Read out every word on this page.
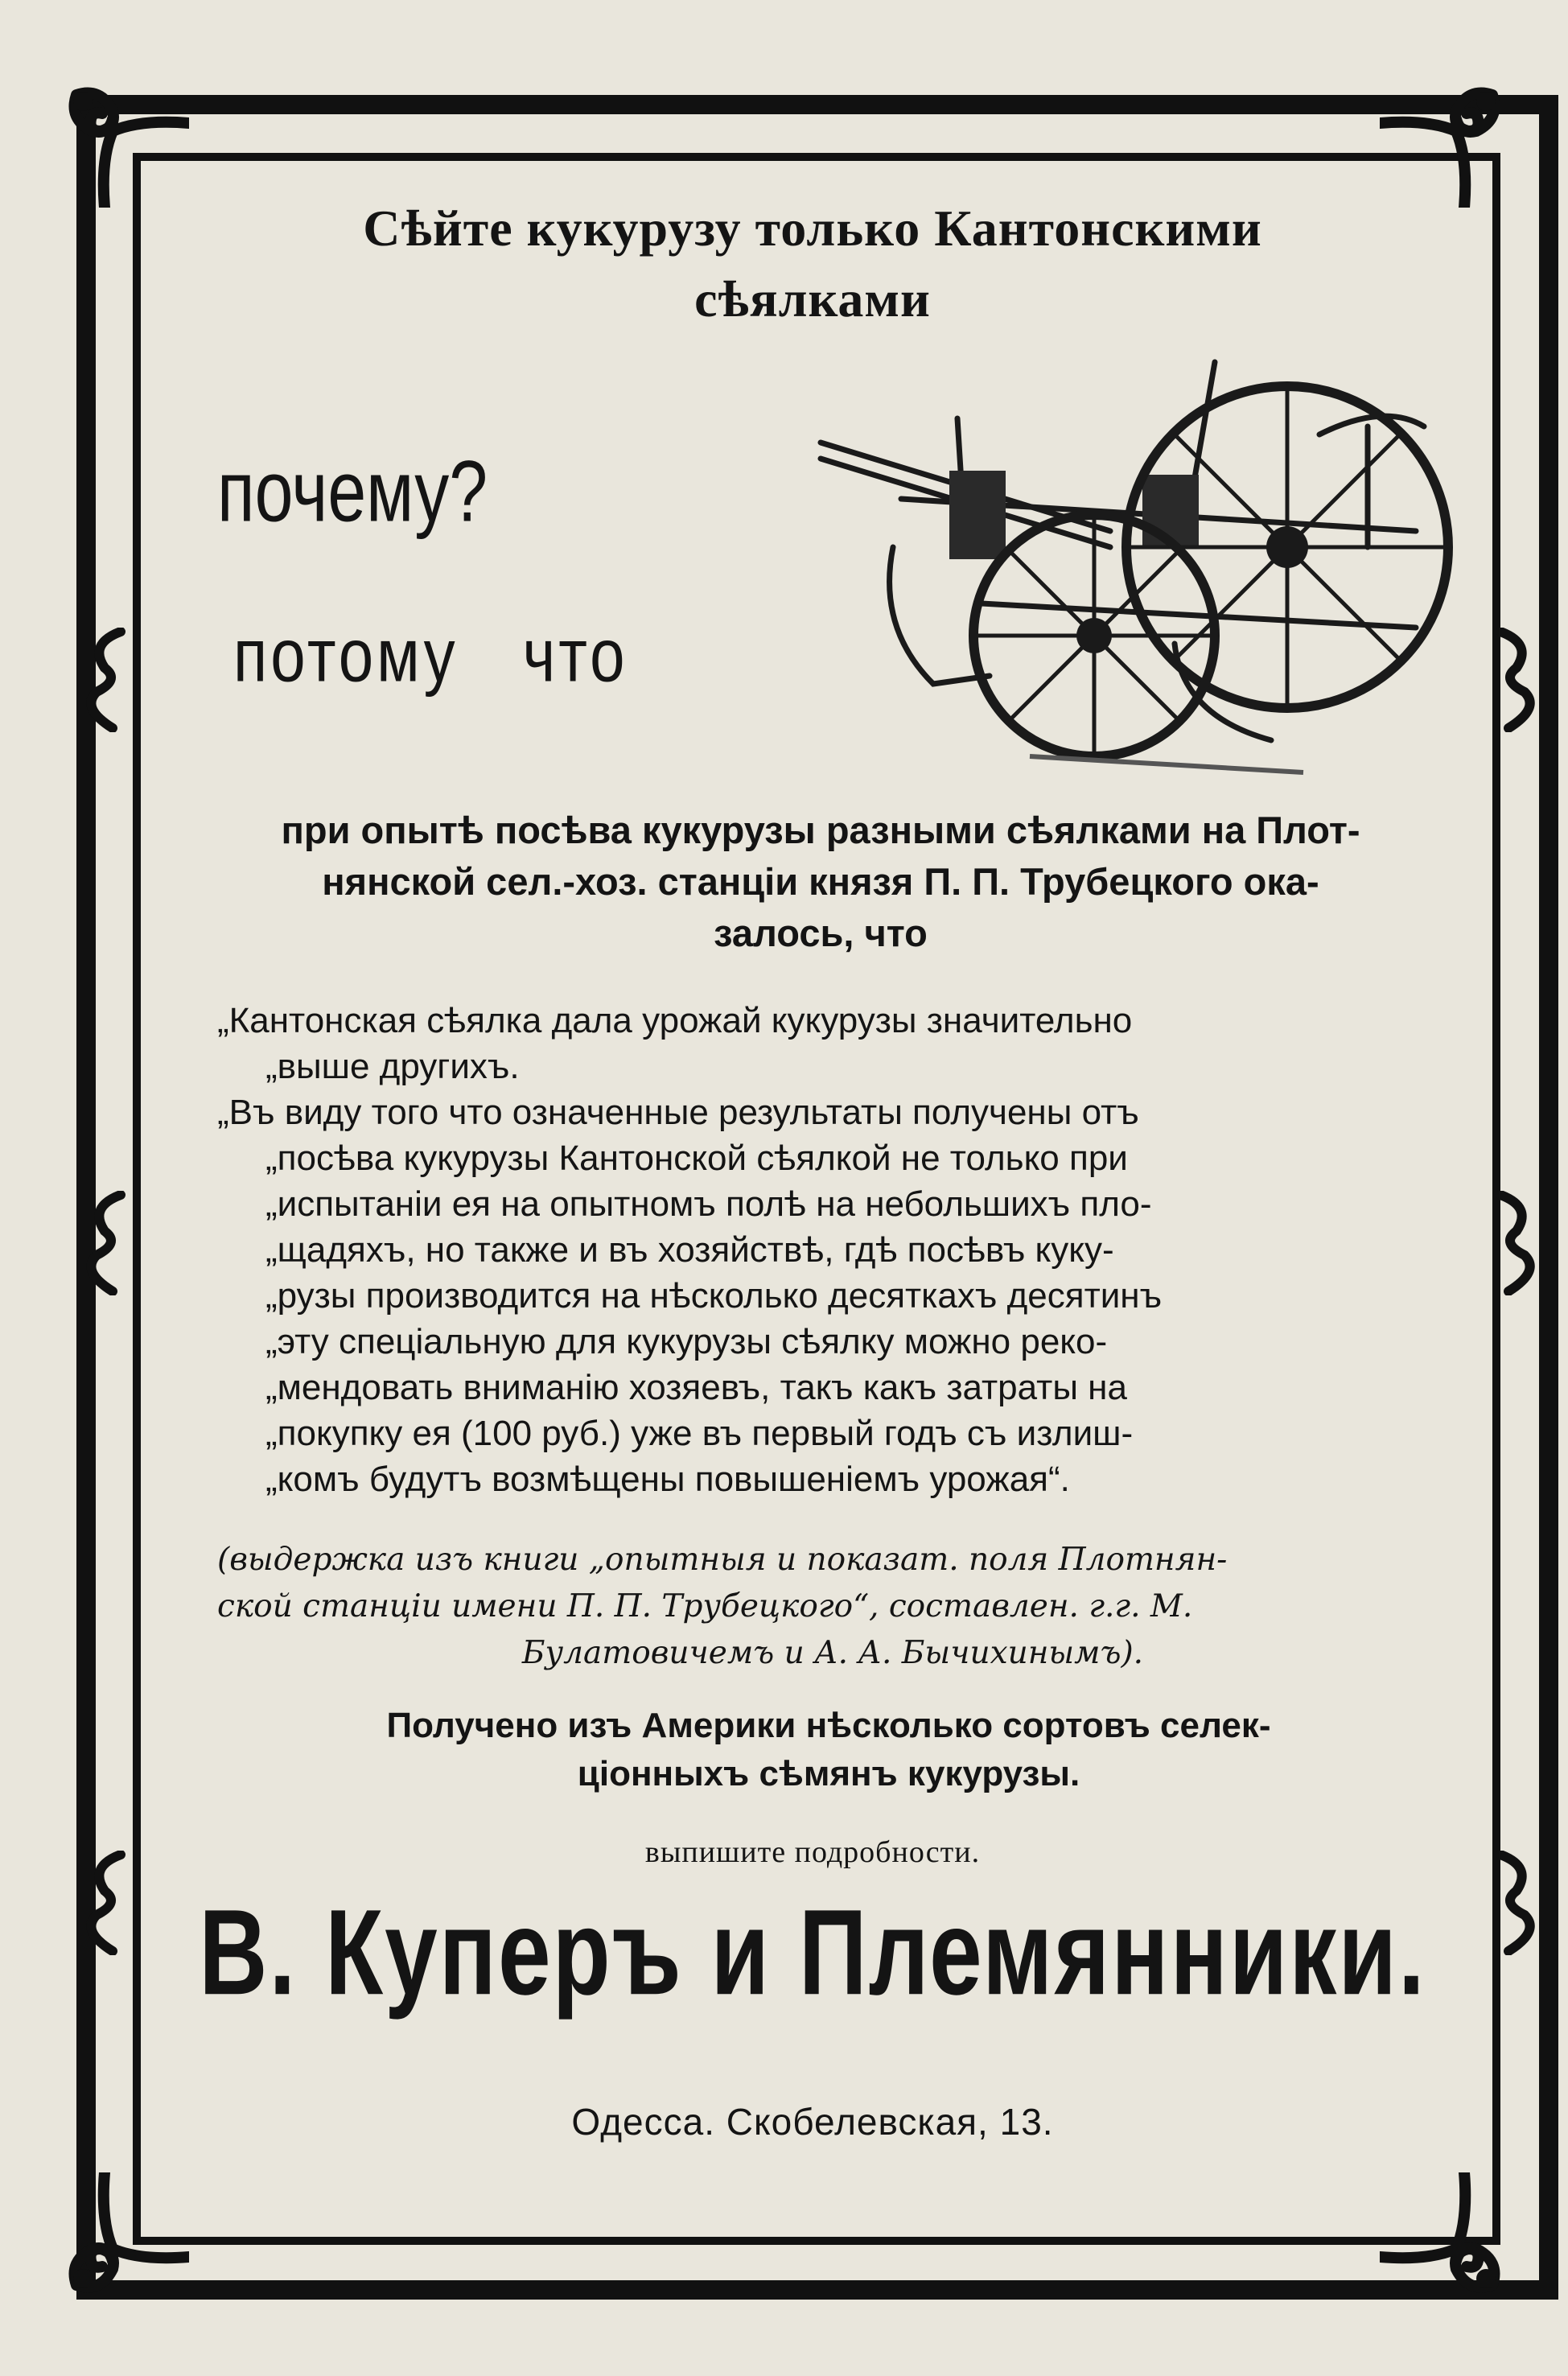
Сѣйте кукурузу только Кантонскими
сѣялками
почему?
потому что
при опытѣ посѣва кукурузы разными сѣялками на Плот-
нянской сел.-хоз. станціи князя П. П. Трубецкого ока-
залось, что

„Кантонская сѣялка дала урожай кукурузы значительно

„выше другихъ.

„Въ виду того что означенные результаты получены отъ

„посѣва кукурузы Кантонской сѣялкой не только при

„испытаніи ея на опытномъ полѣ на небольшихъ пло-

„щадяхъ, но также и въ хозяйствѣ, гдѣ посѣвъ куку-

„рузы производится на нѣсколько десяткахъ десятинъ

„эту спеціальную для кукурузы сѣялку можно реко-

„мендовать вниманію хозяевъ, такъ какъ затраты на

„покупку ея (100 руб.) уже въ первый годъ съ излиш-

„комъ будутъ возмѣщены повышеніемъ урожая“.

(выдержка изъ книги „опытныя и показат. поля Плотнян-
ской станціи имени П. П. Трубецкого“, составлен. г.г. М.
Булатовичемъ и А. А. Бычихинымъ).
Получено изъ Америки нѣсколько сортовъ селек-
ціонныхъ сѣмянъ кукурузы.
выпишите подробности.
В. Куперъ и Племянники.
Одесса. Скобелевская, 13.
